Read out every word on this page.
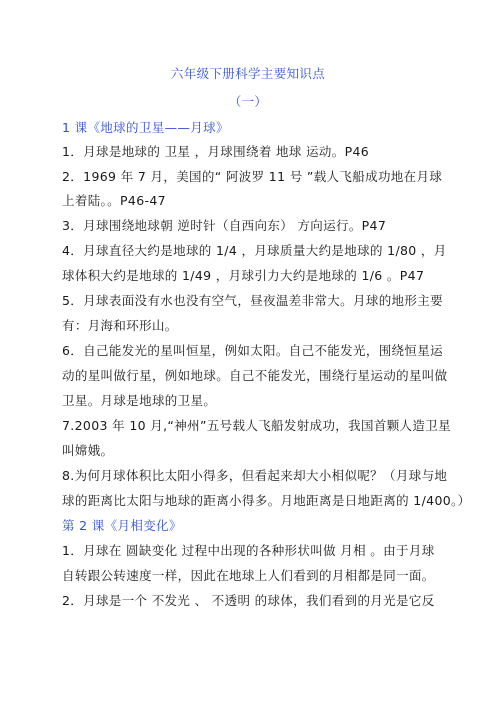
六年级下册科学主要知识点
（一）
1 课《地球的卫星——月球》
1．月球是地球的 卫星 ，月球围绕着 地球 运动。P46
2．1969 年 7 月，美国的“ 阿波罗 11 号 ”载人飞船成功地在月球
上着陆。。P46-47
3．月球围绕地球朝 逆时针（自西向东） 方向运行。P47
4．月球直径大约是地球的 1/4 ，月球质量大约是地球的 1/80 ，月
球体积大约是地球的 1/49 ，月球引力大约是地球的 1/6 。P47
5．月球表面没有水也没有空气，昼夜温差非常大。月球的地形主要
有：月海和环形山。
6．自己能发光的星叫恒星，例如太阳。自己不能发光，围绕恒星运
动的星叫做行星，例如地球。自己不能发光，围绕行星运动的星叫做
卫星。月球是地球的卫星。
7.2003 年 10 月,“神州”五号载人飞船发射成功，我国首颗人造卫星
叫嫦娥。
8.为何月球体积比太阳小得多，但看起来却大小相似呢？（月球与地
球的距离比太阳与地球的距离小得多。月地距离是日地距离的 1/400。）
第 2 课《月相变化》
1．月球在 圆缺变化 过程中出现的各种形状叫做 月相 。由于月球
自转跟公转速度一样，因此在地球上人们看到的月相都是同一面。
2．月球是一个 不发光 、 不透明 的球体，我们看到的月光是它反
